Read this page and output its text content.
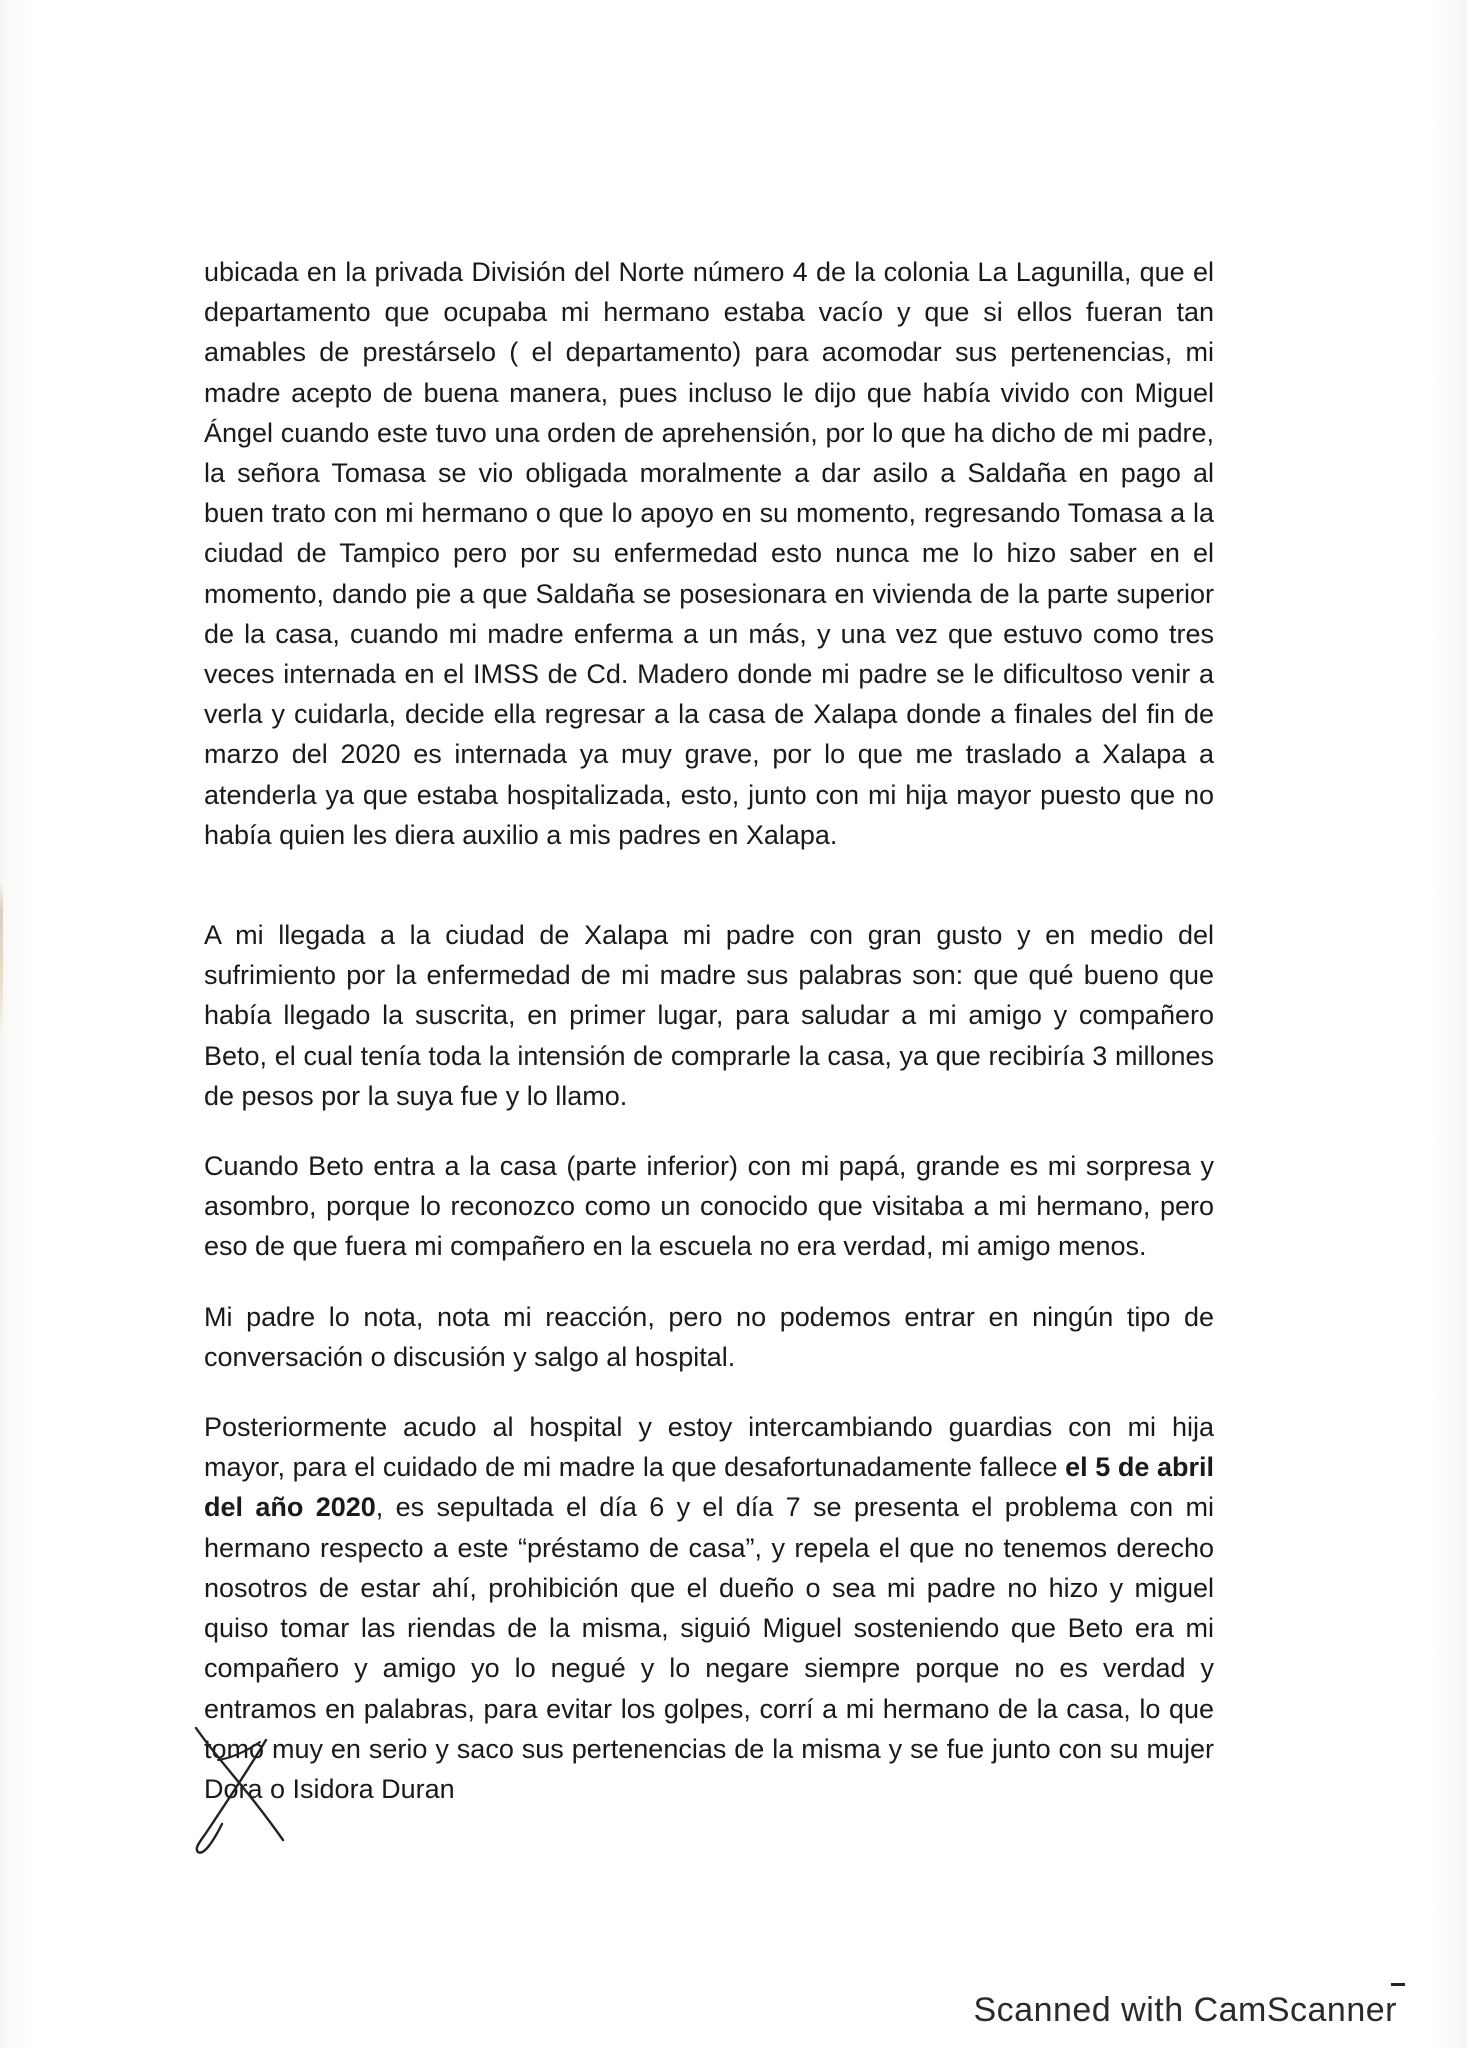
ubicada en la privada División del Norte número 4 de la colonia La Lagunilla, que el departamento que ocupaba mi hermano estaba vacío y que si ellos fueran tan amables de prestárselo ( el departamento) para acomodar sus pertenencias, mi madre acepto de buena manera, pues incluso le dijo que había vivido con Miguel Ángel cuando este tuvo una orden de aprehensión, por lo que ha dicho de mi padre, la señora Tomasa se vio obligada moralmente a dar asilo a Saldaña en pago al buen trato con mi hermano o que lo apoyo en su momento, regresando Tomasa a la ciudad de Tampico pero por su enfermedad esto nunca me lo hizo saber en el momento, dando pie a que Saldaña se posesionara en vivienda de la parte superior de la casa, cuando mi madre enferma a un más, y una vez que estuvo como tres veces internada en el IMSS de Cd. Madero donde mi padre se le dificultoso venir a verla y cuidarla, decide ella regresar a la casa de Xalapa donde a finales del fin de marzo del 2020 es internada ya muy grave, por lo que me traslado a Xalapa a atenderla ya que estaba hospitalizada, esto, junto con mi hija mayor puesto que no había quien les diera auxilio a mis padres en Xalapa.

A mi llegada a la ciudad de Xalapa mi padre con gran gusto y en medio del sufrimiento por la enfermedad de mi madre sus palabras son: que qué bueno que había llegado la suscrita, en primer lugar, para saludar a mi amigo y compañero Beto, el cual tenía toda la intensión de comprarle la casa, ya que recibiría 3 millones de pesos por la suya fue y lo llamo.

Cuando Beto entra a la casa (parte inferior) con mi papá, grande es mi sorpresa y asombro, porque lo reconozco como un conocido que visitaba a mi hermano, pero eso de que fuera mi compañero en la escuela no era verdad, mi amigo menos.

Mi padre lo nota, nota mi reacción, pero no podemos entrar en ningún tipo de conversación o discusión y salgo al hospital.

Posteriormente acudo al hospital y estoy intercambiando guardias con mi hija mayor, para el cuidado de mi madre la que desafortunadamente fallece el 5 de abril del año 2020, es sepultada el día 6 y el día 7 se presenta el problema con mi hermano respecto a este “préstamo de casa”, y repela el que no tenemos derecho nosotros de estar ahí, prohibición que el dueño o sea mi padre no hizo y miguel quiso tomar las riendas de la misma, siguió Miguel sosteniendo que Beto era mi compañero y amigo yo lo negué y lo negare siempre porque no es verdad y entramos en palabras, para evitar los golpes, corrí a mi hermano de la casa, lo que tomo muy en serio y saco sus pertenencias de la misma y se fue junto con su mujer Dora o Isidora Duran

Scanned with CamScanner
